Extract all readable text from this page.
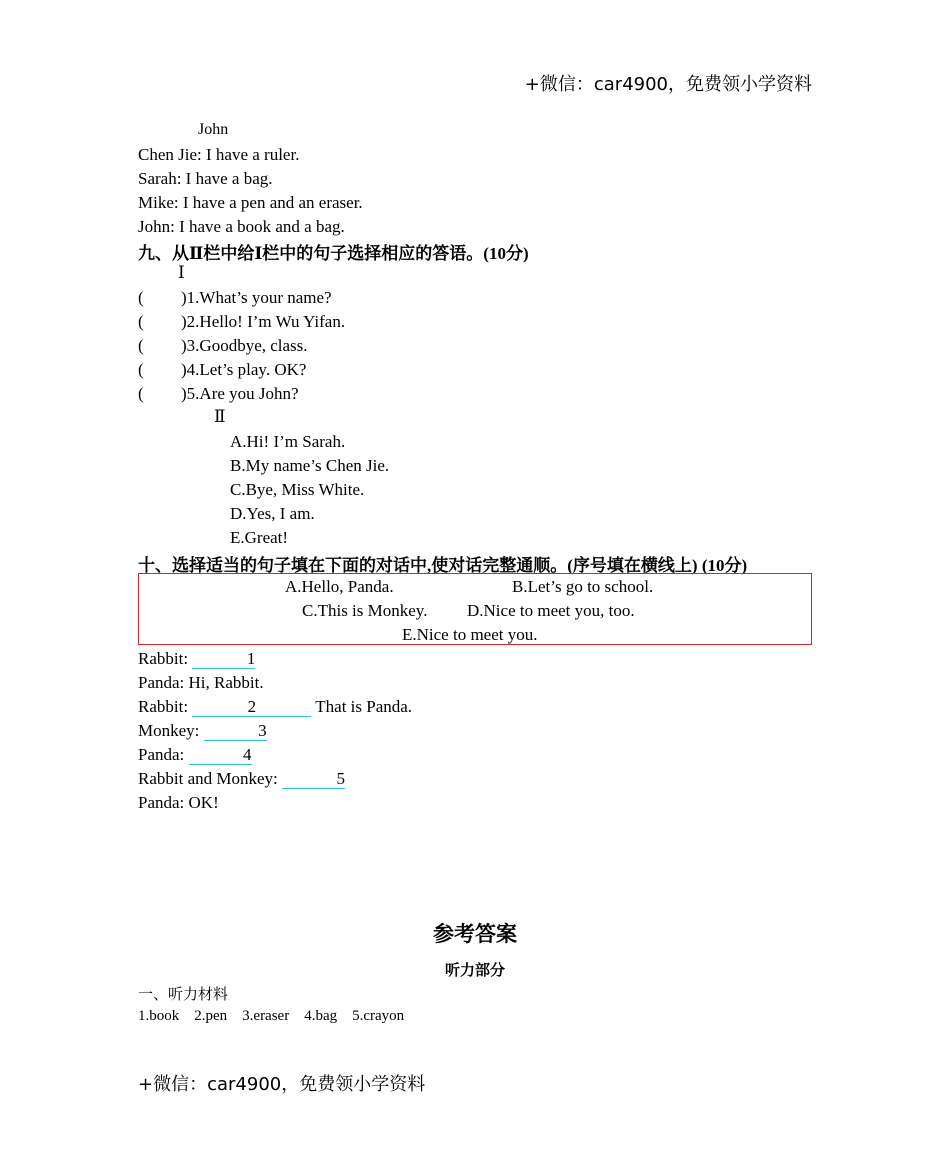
+微信：car4900，免费领小学资料
John
Chen Jie: I have a ruler.
Sarah: I have a bag.
Mike: I have a pen and an eraser.
John: I have a book and a bag.
九、从Ⅱ栏中给Ⅰ栏中的句子选择相应的答语。(10分)
Ⅰ
( )1.What’s your name?
( )2.Hello! I’m Wu Yifan.
( )3.Goodbye, class.
( )4.Let’s play. OK?
( )5.Are you John?
Ⅱ
A.Hi! I’m Sarah.
B.My name’s Chen Jie.
C.Bye, Miss White.
D.Yes, I am.
E.Great!
十、选择适当的句子填在下面的对话中,使对话完整通顺。(序号填在横线上) (10分)
A.Hello, Panda.	B.Let’s go to school.
C.This is Monkey. D.Nice to meet you, too.
E.Nice to meet you.
Rabbit:	1
Panda: Hi, Rabbit.
Rabbit:	2	That is Panda.
Monkey:	3
Panda:	4
Rabbit and Monkey:	5
Panda: OK!
参考答案
听力部分
一、听力材料
1.book    2.pen    3.eraser    4.bag    5.crayon
+微信：car4900，免费领小学资料
